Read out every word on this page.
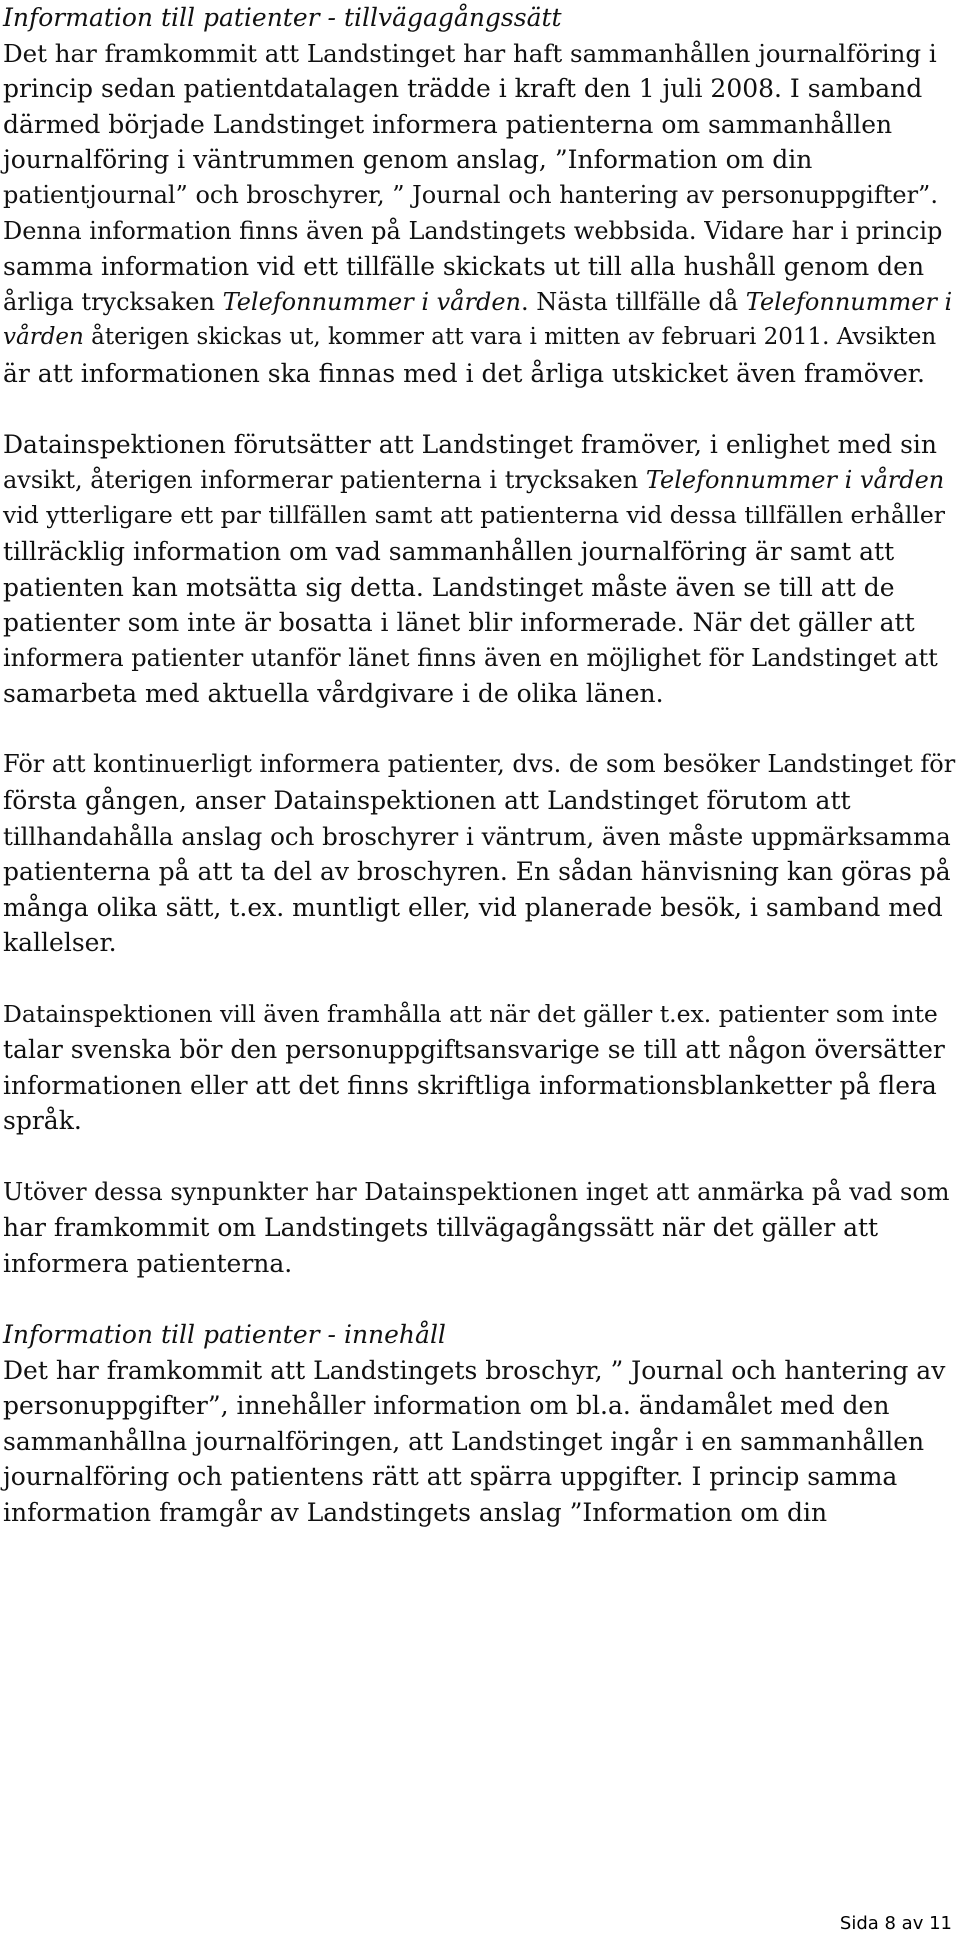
Information till patienter - tillvägagångssätt
Det har framkommit att Landstinget har haft sammanhållen journalföring i
princip sedan patientdatalagen trädde i kraft den 1 juli 2008. I samband
därmed började Landstinget informera patienterna om sammanhållen
journalföring i väntrummen genom anslag, ”Information om din
patientjournal” och broschyrer, ” Journal och hantering av personuppgifter”.
Denna information finns även på Landstingets webbsida. Vidare har i princip
samma information vid ett tillfälle skickats ut till alla hushåll genom den
årliga trycksaken Telefonnummer i vården. Nästa tillfälle då Telefonnummer i
vården återigen skickas ut, kommer att vara i mitten av februari 2011. Avsikten
är att informationen ska finnas med i det årliga utskicket även framöver.
Datainspektionen förutsätter att Landstinget framöver, i enlighet med sin
avsikt, återigen informerar patienterna i trycksaken Telefonnummer i vården
vid ytterligare ett par tillfällen samt att patienterna vid dessa tillfällen erhåller
tillräcklig information om vad sammanhållen journalföring är samt att
patienten kan motsätta sig detta. Landstinget måste även se till att de
patienter som inte är bosatta i länet blir informerade. När det gäller att
informera patienter utanför länet finns även en möjlighet för Landstinget att
samarbeta med aktuella vårdgivare i de olika länen.
För att kontinuerligt informera patienter, dvs. de som besöker Landstinget för
första gången, anser Datainspektionen att Landstinget förutom att
tillhandahålla anslag och broschyrer i väntrum, även måste uppmärksamma
patienterna på att ta del av broschyren. En sådan hänvisning kan göras på
många olika sätt, t.ex. muntligt eller, vid planerade besök, i samband med
kallelser.
Datainspektionen vill även framhålla att när det gäller t.ex. patienter som inte
talar svenska bör den personuppgiftsansvarige se till att någon översätter
informationen eller att det finns skriftliga informationsblanketter på flera
språk.
Utöver dessa synpunkter har Datainspektionen inget att anmärka på vad som
har framkommit om Landstingets tillvägagångssätt när det gäller att
informera patienterna.
Information till patienter - innehåll
Det har framkommit att Landstingets broschyr, ” Journal och hantering av
personuppgifter”, innehåller information om bl.a. ändamålet med den
sammanhållna journalföringen, att Landstinget ingår i en sammanhållen
journalföring och patientens rätt att spärra uppgifter. I princip samma
information framgår av Landstingets anslag ”Information om din
Sida 8 av 11
